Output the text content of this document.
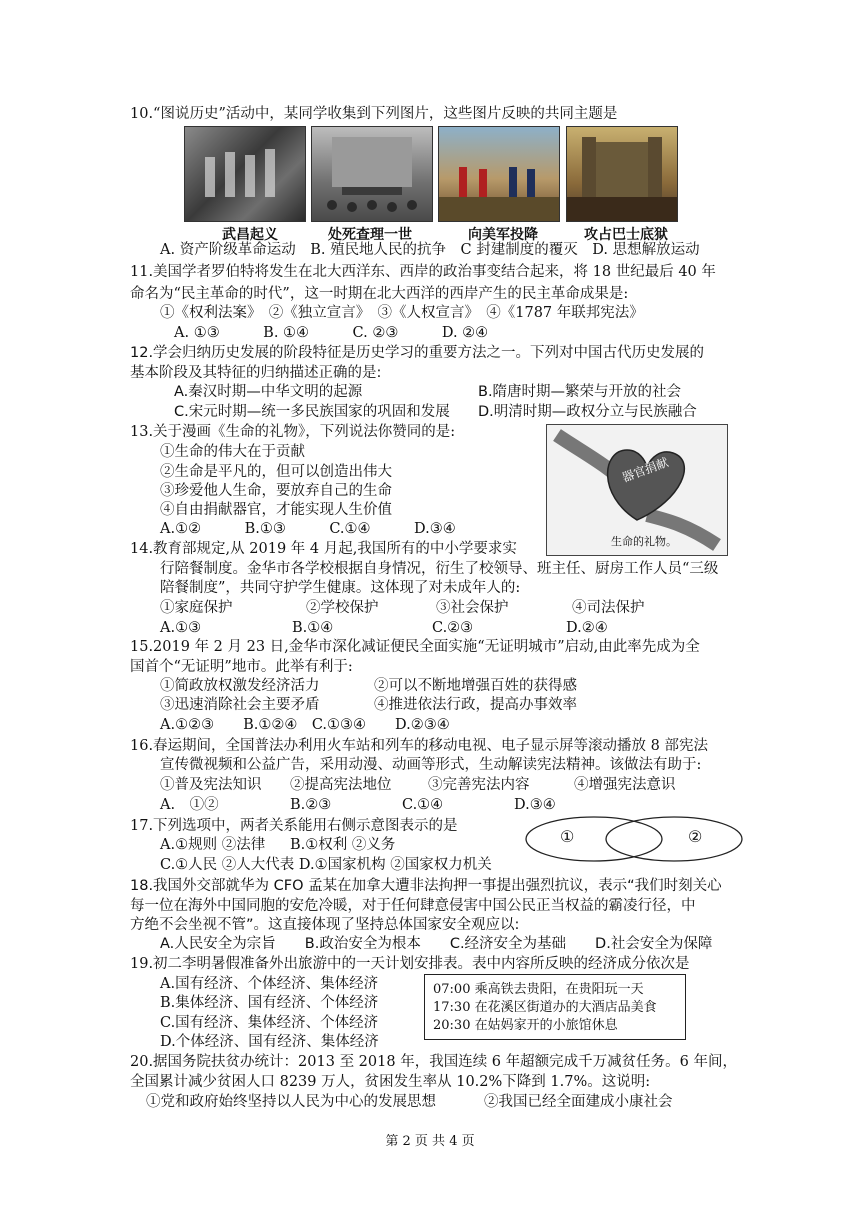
10.“图说历史”活动中，某同学收集到下列图片，这些图片反映的共同主题是
武昌起义	处死查理一世	向美军投降	攻占巴士底狱
A. 资产阶级革命运动　B. 殖民地人民的抗争　C 封建制度的覆灭　D. 思想解放运动
11.美国学者罗伯特将发生在北大西洋东、西岸的政治事变结合起来，将 18 世纪最后 40 年
命名为“民主革命的时代”，这一时期在北大西洋的西岸产生的民主革命成果是:
①《权利法案》　②《独立宣言》　③《人权宣言》　④《1787 年联邦宪法》
A. ①③　　　B. ①④　　　C. ②③　　　D. ②④
12.学会归纳历史发展的阶段特征是历史学习的重要方法之一。下列对中国古代历史发展的
基本阶段及其特征的归纳描述正确的是:
A.秦汉时期—中华文明的起源	B.隋唐时期—繁荣与开放的社会
C.宋元时期—统一多民族国家的巩固和发展 D.明清时期—政权分立与民族融合
13.关于漫画《生命的礼物》，下列说法你赞同的是:
①生命的伟大在于贡献
②生命是平凡的，但可以创造出伟大
③珍爱他人生命，要放弃自己的生命
④自由捐献器官，才能实现人生价值
A.①②　　　B.①③　　　C.①④　　　D.③④
器官捐献
生命的礼物。
14.教育部规定,从 2019 年 4 月起,我国所有的中小学要求实
行陪餐制度。金华市各学校根据自身情况，衍生了校领导、班主任、厨房工作人员“三级
陪餐制度”，共同守护学生健康。这体现了对未成年人的:
①家庭保护	②学校保护	③社会保护	④司法保护
A.①③	B.①④	C.②③	D.②④
15.2019 年 2 月 23 日,金华市深化减证便民全面实施“无证明城市”启动,由此率先成为全
国首个“无证明”地市。此举有利于:
①简政放权激发经济活力	②可以不断地增强百姓的获得感
③迅速消除社会主要矛盾	④推进依法行政，提高办事效率
A.①②③　　B.①②④　C.①③④　　D.②③④
16.春运期间，全国普法办利用火车站和列车的移动电视、电子显示屏等滚动播放 8 部宪法
宣传微视频和公益广告，采用动漫、动画等形式，生动解读宪法精神。该做法有助于:
①普及宪法知识 ②提高宪法地位	③完善宪法内容	④增强宪法意识
A.　①②	B.②③	C.①④	D.③④
17.下列选项中，两者关系能用右侧示意图表示的是
A.①规则 ②法律 B.①权利 ②义务
C.①人民 ②人大代表 D.①国家机构 ②国家权力机关
①	②
18.我国外交部就华为 CFO 孟某在加拿大遭非法拘押一事提出强烈抗议，表示“我们时刻关心
每一位在海外中国同胞的安危冷暖，对于任何肆意侵害中国公民正当权益的霸凌行径，中
方绝不会坐视不管”。这直接体现了坚持总体国家安全观应以:
A.人民安全为宗旨　　B.政治安全为根本　　C.经济安全为基础　　D.社会安全为保障
19.初二李明暑假准备外出旅游中的一天计划安排表。表中内容所反映的经济成分依次是
A.国有经济、个体经济、集体经济
B.集体经济、国有经济、个体经济
C.国有经济、集体经济、个体经济
D.个体经济、国有经济、集体经济
07:00 乘高铁去贵阳，在贵阳玩一天
17:30 在花溪区街道办的大酒店品美食
20:30 在姑妈家开的小旅馆休息
20.据国务院扶贫办统计：2013 至 2018 年，我国连续 6 年超额完成千万减贫任务。6 年间，
全国累计减少贫困人口 8239 万人，贫困发生率从 10.2%下降到 1.7%。这说明:
①党和政府始终坚持以人民为中心的发展思想	②我国已经全面建成小康社会
第 2 页 共 4 页
